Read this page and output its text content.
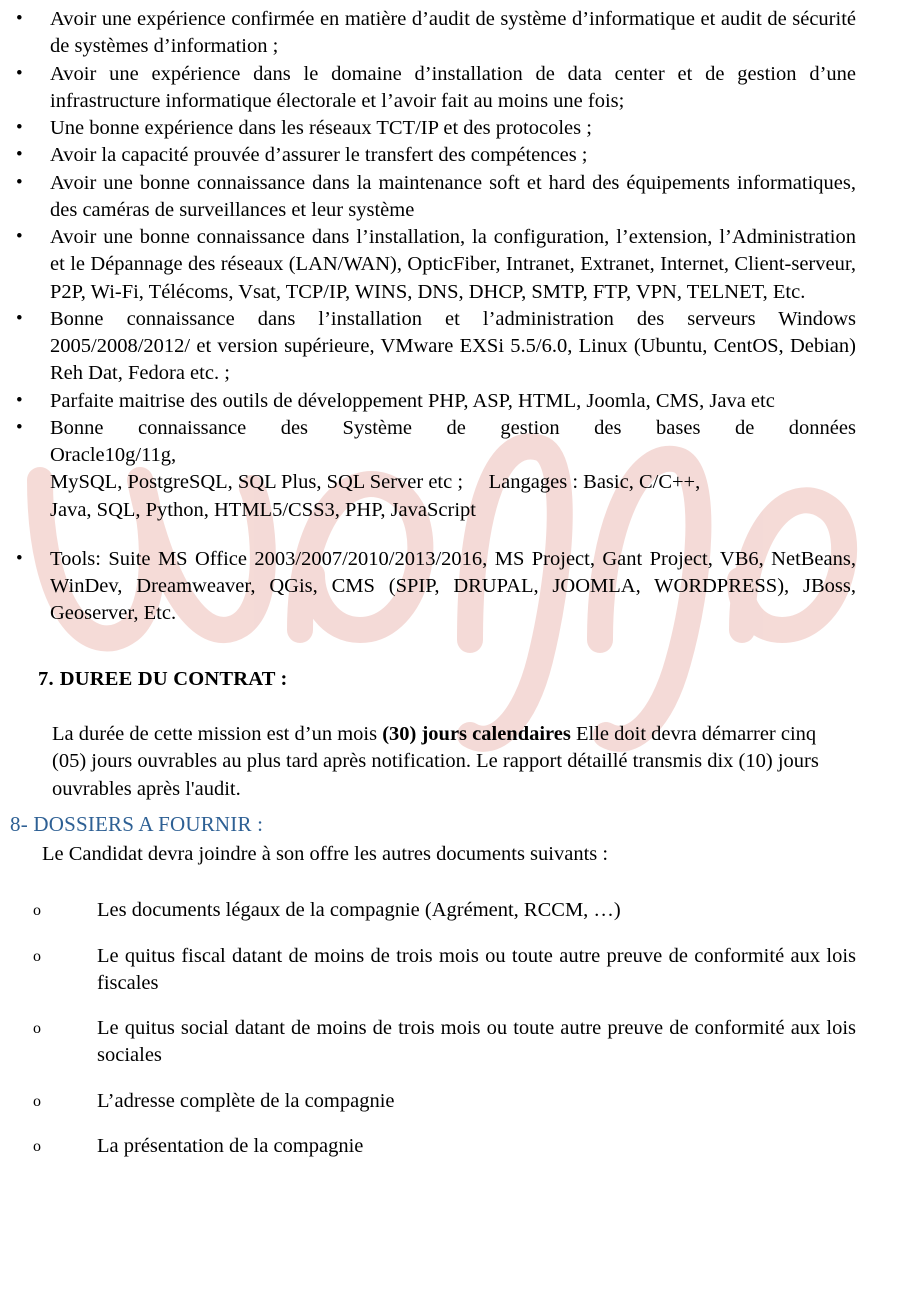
•	Avoir une expérience confirmée en matière d’audit de système d’informatique et audit de sécurité de systèmes d’information ;
•	Avoir une expérience dans le domaine d’installation de data center et de gestion d’une infrastructure informatique électorale et l’avoir fait au moins une fois;
•	Une bonne expérience dans les réseaux TCT/IP et des protocoles ;
•	Avoir la capacité prouvée d’assurer le transfert des compétences ;
•	Avoir une bonne connaissance dans la maintenance soft et hard des équipements informatiques, des caméras de surveillances et leur système
•	Avoir une bonne connaissance dans l’installation, la configuration, l’extension, l’Administration et le Dépannage des réseaux (LAN/WAN), OpticFiber, Intranet, Extranet, Internet, Client-serveur, P2P, Wi-Fi, Télécoms, Vsat, TCP/IP, WINS, DNS, DHCP, SMTP, FTP, VPN, TELNET, Etc.
•	Bonne connaissance dans l’installation et l’administration des serveurs Windows 2005/2008/2012/ et version supérieure, VMware EXSi 5.5/6.0, Linux (Ubuntu, CentOS, Debian) Reh Dat, Fedora etc. ;
•	Parfaite maitrise des outils de développement PHP, ASP, HTML, Joomla, CMS, Java etc
•	Bonne connaissance des Système de gestion des bases de données
Oracle10g/11g,
MySQL, PostgreSQL, SQL Plus, SQL Server etc ;     Langages : Basic, C/C++,
Java, SQL, Python, HTML5/CSS3, PHP, JavaScript
•	Tools: Suite MS Office 2003/2007/2010/2013/2016, MS Project, Gant Project, VB6, NetBeans, WinDev, Dreamweaver, QGis, CMS (SPIP, DRUPAL, JOOMLA, WORDPRESS), JBoss, Geoserver, Etc.
7. DUREE DU CONTRAT :
La durée de cette mission est d’un mois (30) jours calendaires Elle doit devra démarrer cinq (05) jours ouvrables au plus tard après notification. Le rapport détaillé transmis dix (10) jours ouvrables après l'audit.
8- DOSSIERS A FOURNIR :
Le Candidat devra joindre à son offre les autres documents suivants :
o	Les documents légaux de la compagnie (Agrément, RCCM, …)
o	Le quitus fiscal datant de moins de trois mois ou toute autre preuve de conformité aux lois fiscales
o	Le quitus social datant de moins de trois mois ou toute autre preuve de conformité aux lois sociales
o	L’adresse complète de la compagnie
o	La présentation de la compagnie
